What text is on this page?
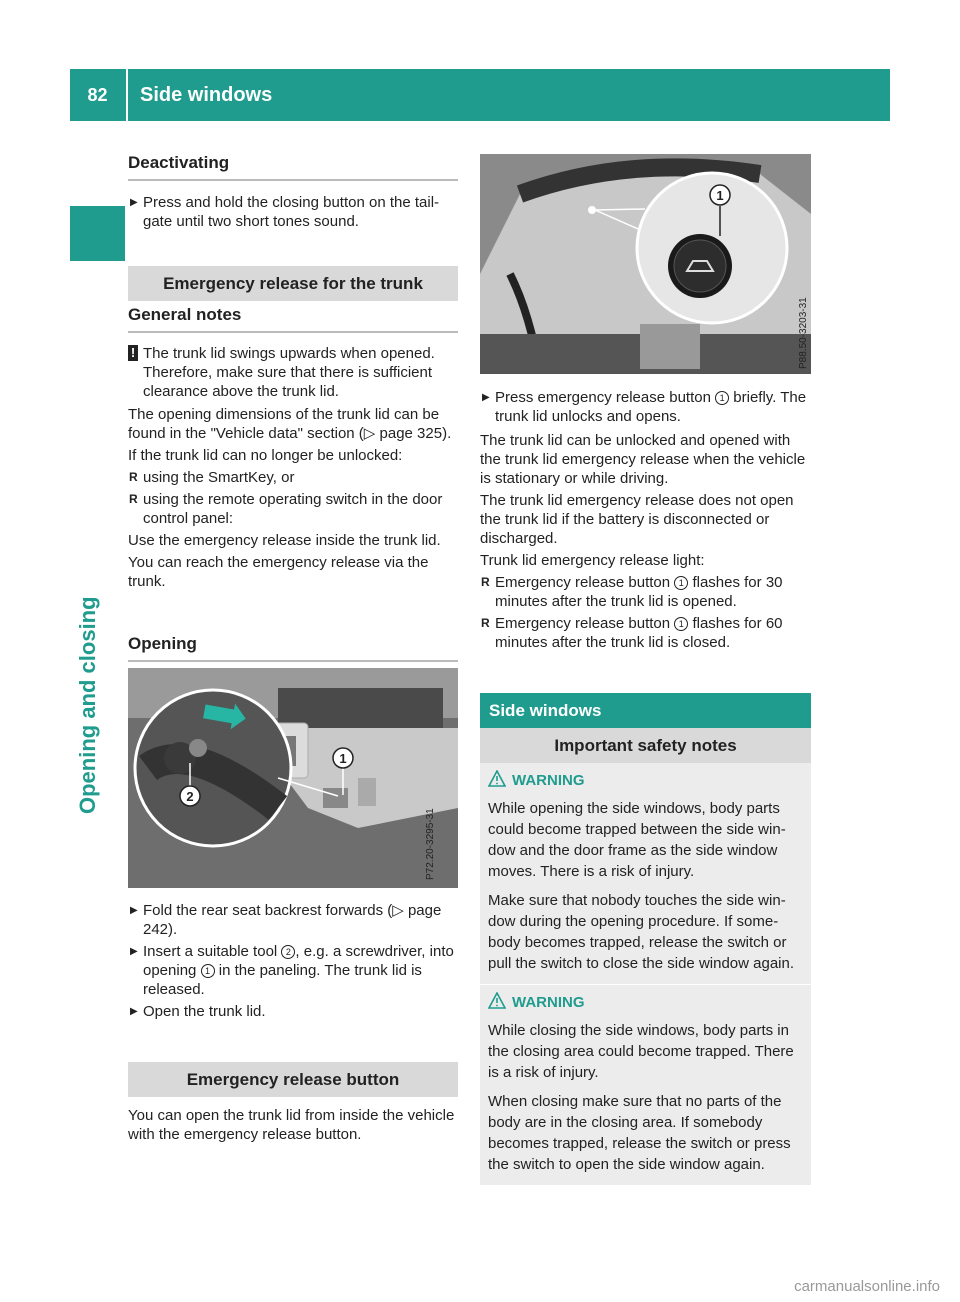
82	Side windows
Opening and closing
Deactivating

▶ Press and hold the closing button on the tailgate until two short tones sound.

Emergency release for the trunk
General notes

! The trunk lid swings upwards when opened. Therefore, make sure that there is sufficient clearance above the trunk lid.

The opening dimensions of the trunk lid can be found in the "Vehicle data" section (▷ page 325).

If the trunk lid can no longer be unlocked:

R using the SmartKey, or

R using the remote operating switch in the door control panel:

Use the emergency release inside the trunk lid.

You can reach the emergency release via the trunk.

Opening
1
2
P72.20-3295-31

▶ Fold the rear seat backrest forwards (▷ page 242).

▶ Insert a suitable tool 2 , e.g. a screwdriver, into opening 1 in the paneling. The trunk lid is released.

▶ Open the trunk lid.

Emergency release button

You can open the trunk lid from inside the vehicle with the emergency release button.

1
P88.50-3203-31

▶ Press emergency release button 1 briefly. The trunk lid unlocks and opens.

The trunk lid can be unlocked and opened with the trunk lid emergency release when the vehicle is stationary or while driving.

The trunk lid emergency release does not open the trunk lid if the battery is disconnected or discharged.

Trunk lid emergency release light:

R Emergency release button 1 flashes for 30 minutes after the trunk lid is opened.

R Emergency release button 1 flashes for 60 minutes after the trunk lid is closed.

Side windows
Important safety notes
WARNING

While opening the side windows, body parts could become trapped between the side window and the door frame as the side window moves. There is a risk of injury.

Make sure that nobody touches the side window during the opening procedure. If somebody becomes trapped, release the switch or pull the switch to close the side window again.

WARNING

While closing the side windows, body parts in the closing area could become trapped. There is a risk of injury.

When closing make sure that no parts of the body are in the closing area. If somebody becomes trapped, release the switch or press the switch to open the side window again.

carmanualsonline.info
